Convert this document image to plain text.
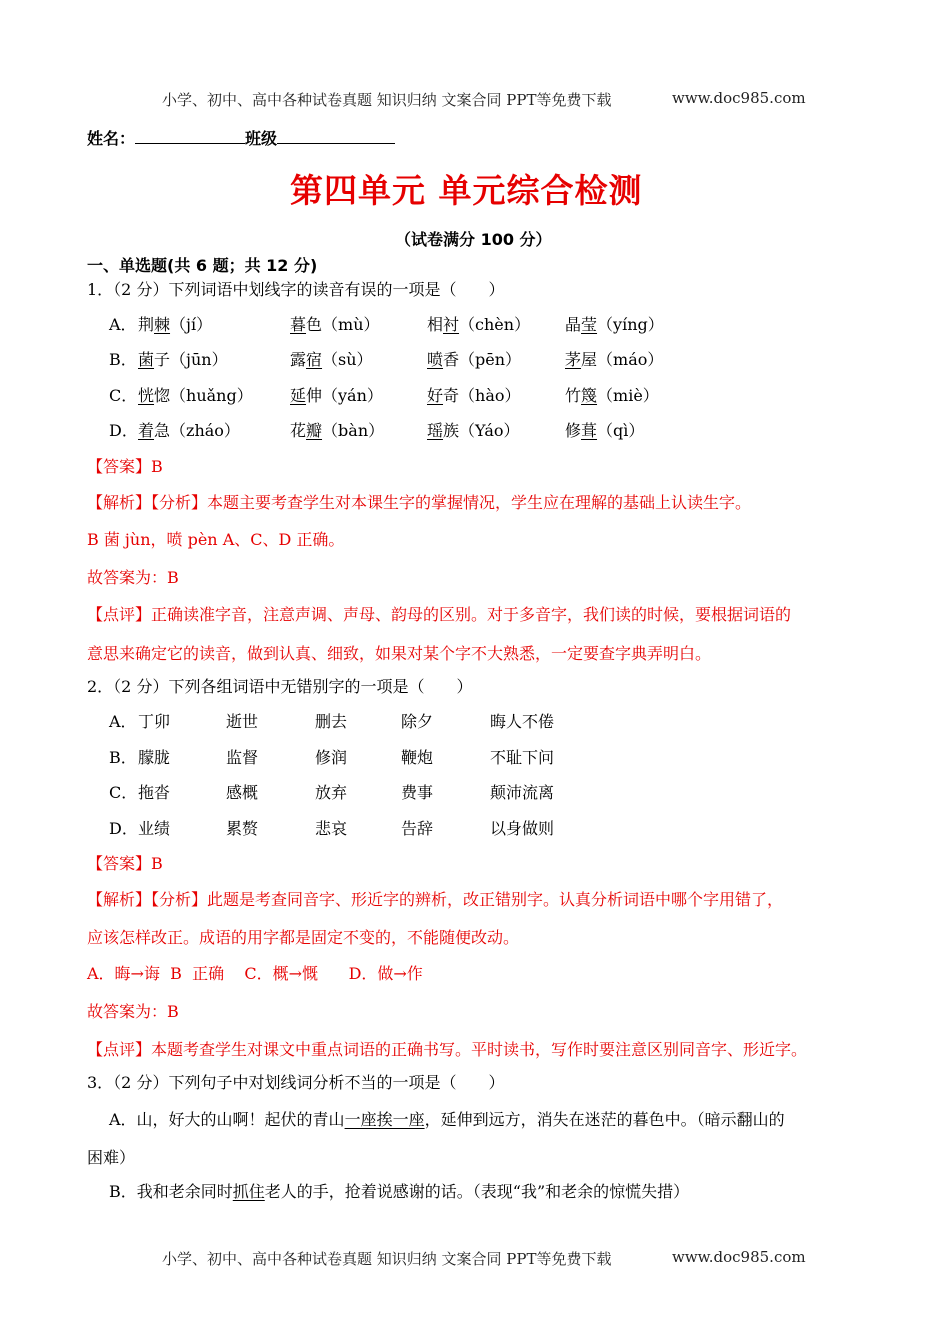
小学、初中、高中各种试卷真题 知识归纳 文案合同 PPT等免费下载	www.doc985.com
姓名：	班级
第四单元 单元综合检测
（试卷满分 100 分）
一、单选题(共 6 题；共 12 分)
1．（2 分）下列词语中划线字的读音有误的一项是（　　）
A． 荆棘（jí）	暮色（mù）	相衬（chèn） 晶莹（yíng）
B． 菌子（jūn）	露宿（sù）	喷香（pēn）	茅屋（máo）
C． 恍惚（huǎng） 延伸（yán）	好奇（hào）	竹篾（miè）
D． 着急（zháo）	花瓣（bàn）	瑶族（Yáo）	修葺（qì）
【答案】B
【解析】【分析】本题主要考查学生对本课生字的掌握情况，学生应在理解的基础上认读生字。
B 菌 jùn，喷 pèn A、C、D 正确。
故答案为：B
【点评】正确读准字音，注意声调、声母、韵母的区别。对于多音字，我们读的时候，要根据词语的
意思来确定它的读音，做到认真、细致，如果对某个字不大熟悉，一定要查字典弄明白。
2．（2 分）下列各组词语中无错别字的一项是（　　）
A． 丁卯	逝世	删去	除夕	晦人不倦
B． 朦胧	监督	修润	鞭炮	不耻下问
C． 拖沓	感概	放弃	费事	颠沛流离
D． 业绩	累赘	悲哀	告辞	以身做则
【答案】B
【解析】【分析】此题是考查同音字、形近字的辨析，改正错别字。认真分析词语中哪个字用错了，
应该怎样改正。成语的用字都是固定不变的，不能随便改动。
A．晦→诲  B  正确    C．概→慨      D．做→作
故答案为：B
【点评】本题考查学生对课文中重点词语的正确书写。平时读书，写作时要注意区别同音字、形近字。
3．（2 分）下列句子中对划线词分析不当的一项是（　　）
A．山，好大的山啊！起伏的青山一座挨一座，延伸到远方，消失在迷茫的暮色中。（暗示翻山的
困难）
B．我和老余同时抓住老人的手，抢着说感谢的话。（表现“我”和老余的惊慌失措）
小学、初中、高中各种试卷真题 知识归纳 文案合同 PPT等免费下载	www.doc985.com
